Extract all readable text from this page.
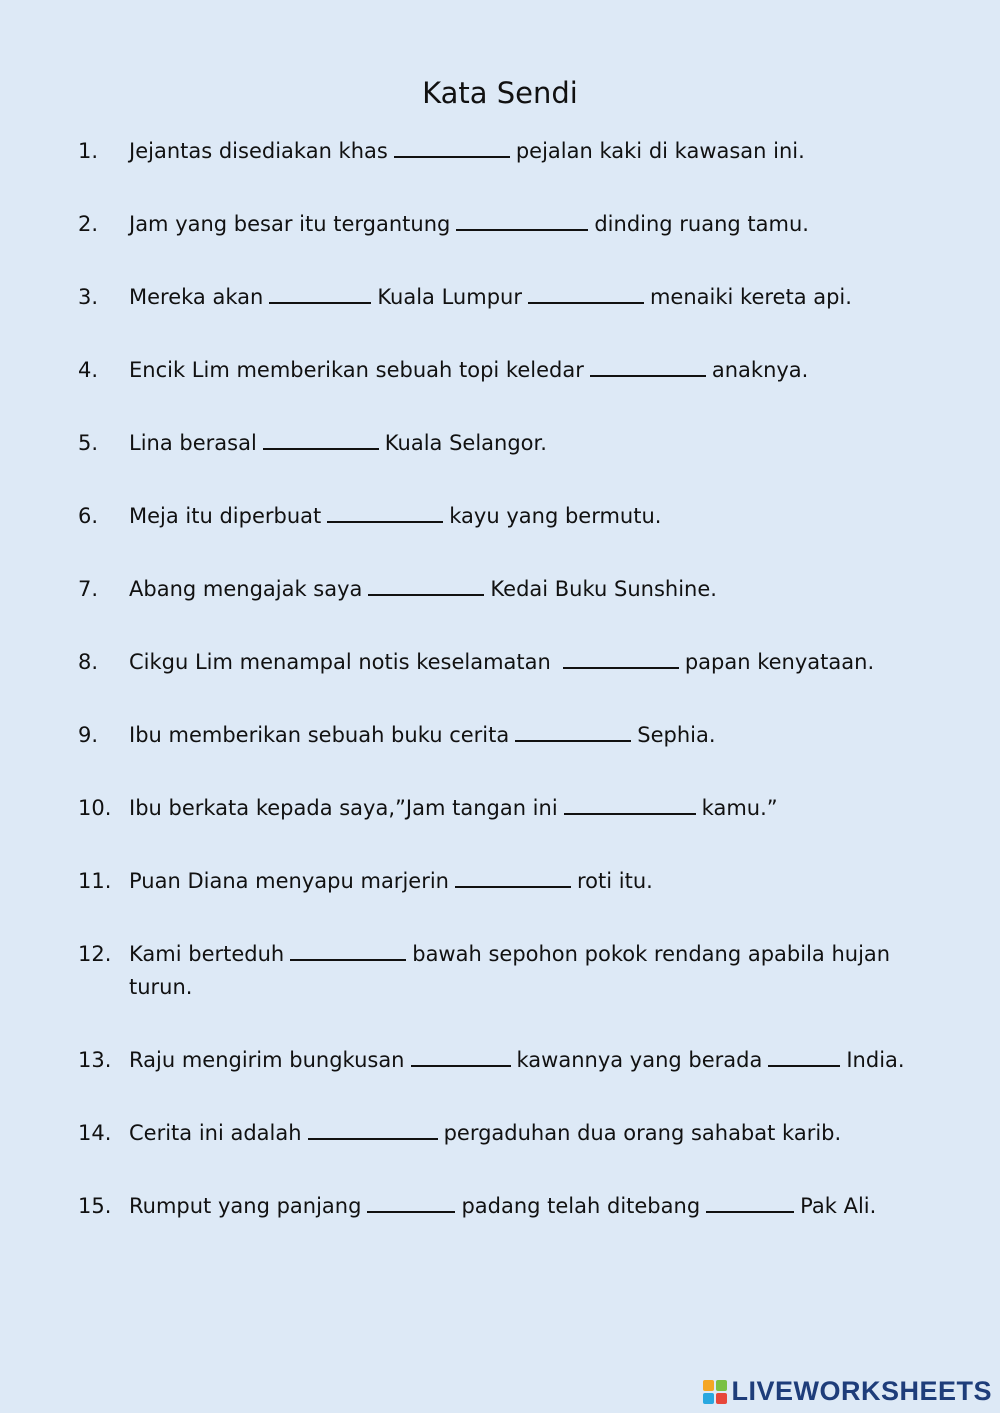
Kata Sendi
1.	Jejantas disediakan khas	pejalan kaki di kawasan ini.
2.	Jam yang besar itu tergantung	dinding ruang tamu.
3.	Mereka akan	Kuala Lumpur	menaiki kereta api.
4.	Encik Lim memberikan sebuah topi keledar	anaknya.
5.	Lina berasal	Kuala Selangor.
6.	Meja itu diperbuat	kayu yang bermutu.
7.	Abang mengajak saya	Kedai Buku Sunshine.
8.	Cikgu Lim menampal notis keselamatan	papan kenyataan.
9.	Ibu memberikan sebuah buku cerita	Sephia.
10. Ibu berkata kepada saya,”Jam tangan ini	kamu.”
11. Puan Diana menyapu marjerin	roti itu.
12. Kami berteduh	bawah sepohon pokok rendang apabila hujan turun.
13. Raju mengirim bungkusan	kawannya yang berada	India.
14. Cerita ini adalah	pergaduhan dua orang sahabat karib.
15. Rumput yang panjang	padang telah ditebang	Pak Ali.
LIVEWORKSHEETS
